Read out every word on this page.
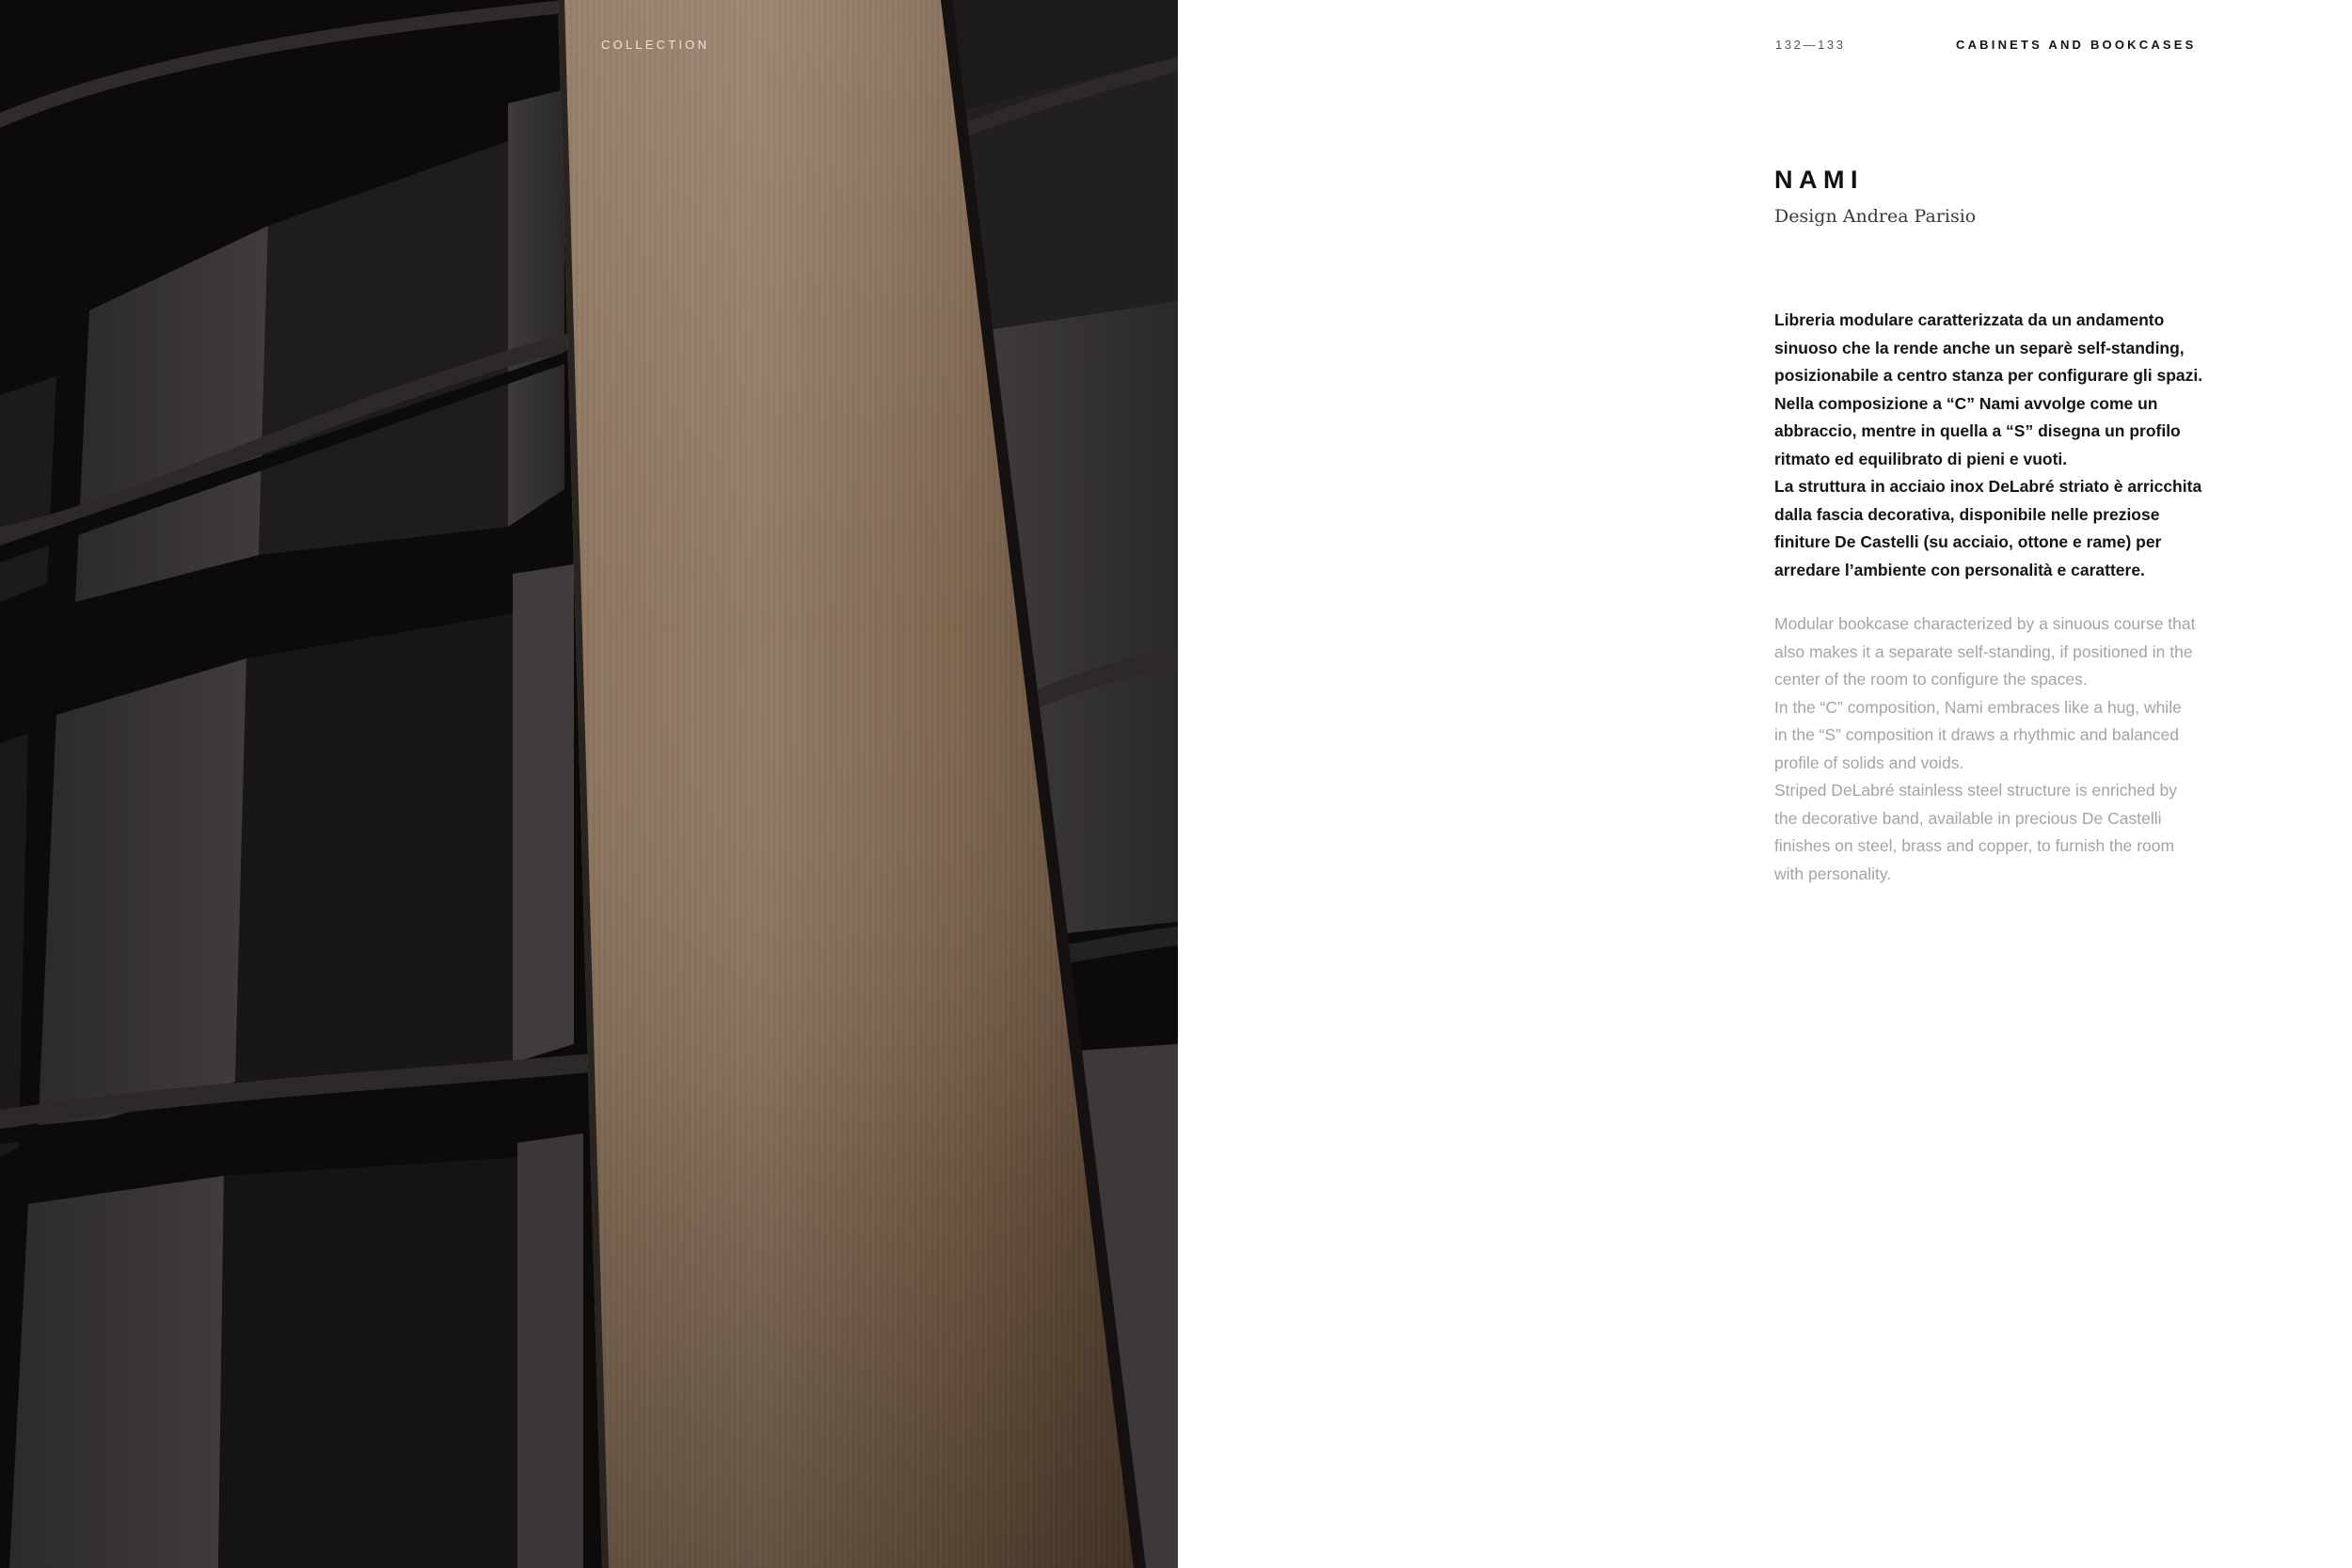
COLLECTION	132—133	CABINETS AND BOOKCASES
NAMI
Design Andrea Parisio

Libreria modulare caratterizzata da un andamento

sinuoso che la rende anche un separè self-standing,

posizionabile a centro stanza per configurare gli spazi.

Nella composizione a “C” Nami avvolge come un

abbraccio, mentre in quella a “S” disegna un profilo

ritmato ed equilibrato di pieni e vuoti.

La struttura in acciaio inox DeLabré striato è arricchita

dalla fascia decorativa, disponibile nelle preziose

finiture De Castelli (su acciaio, ottone e rame) per

arredare l’ambiente con personalità e carattere.

Modular bookcase characterized by a sinuous course that

also makes it a separate self-standing, if positioned in the

center of the room to configure the spaces.

In the “C” composition, Nami embraces like a hug, while

in the “S” composition it draws a rhythmic and balanced

profile of solids and voids.

Striped DeLabré stainless steel structure is enriched by

the decorative band, available in precious De Castelli

finishes on steel, brass and copper, to furnish the room

with personality.
